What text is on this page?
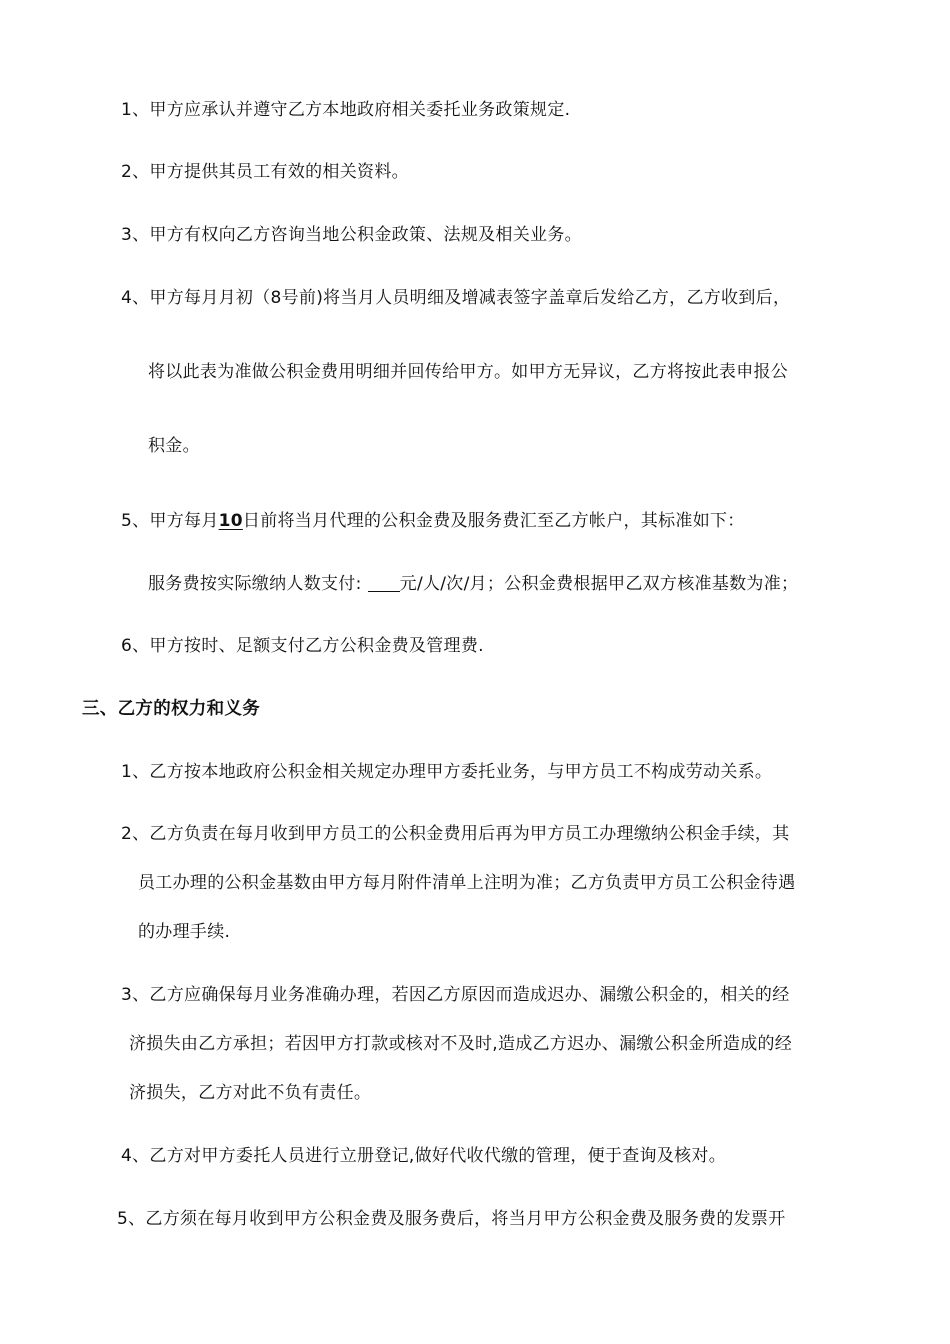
1、甲方应承认并遵守乙方本地政府相关委托业务政策规定.
2、甲方提供其员工有效的相关资料。
3、甲方有权向乙方咨询当地公积金政策、法规及相关业务。
4、甲方每月月初（8号前)将当月人员明细及增减表签字盖章后发给乙方，乙方收到后，
将以此表为准做公积金费用明细并回传给甲方。如甲方无异议，乙方将按此表申报公
积金。
5、甲方每月10日前将当月代理的公积金费及服务费汇至乙方帐户，其标准如下：
服务费按实际缴纳人数支付: 元/人/次/月；公积金费根据甲乙双方核准基数为准；
6、甲方按时、足额支付乙方公积金费及管理费.
三、乙方的权力和义务
1、乙方按本地政府公积金相关规定办理甲方委托业务，与甲方员工不构成劳动关系。
2、乙方负责在每月收到甲方员工的公积金费用后再为甲方员工办理缴纳公积金手续，其
员工办理的公积金基数由甲方每月附件清单上注明为准；乙方负责甲方员工公积金待遇
的办理手续.
3、乙方应确保每月业务准确办理，若因乙方原因而造成迟办、漏缴公积金的，相关的经
济损失由乙方承担；若因甲方打款或核对不及时,造成乙方迟办、漏缴公积金所造成的经
济损失，乙方对此不负有责任。
4、乙方对甲方委托人员进行立册登记,做好代收代缴的管理，便于查询及核对。
5、乙方须在每月收到甲方公积金费及服务费后，将当月甲方公积金费及服务费的发票开
